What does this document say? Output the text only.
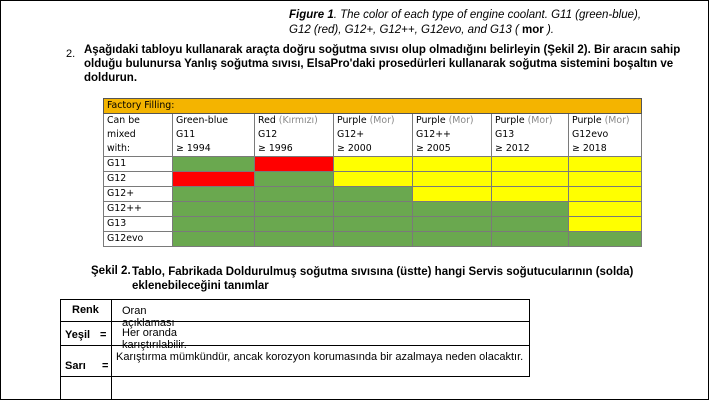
Figure 1. The color of each type of engine coolant. G11 (green-blue), G12 (red), G12+, G12++, G12evo, and G13 ( mor ).
2. Aşağıdaki tabloyu kullanarak araçta doğru soğutma sıvısı olup olmadığını belirleyin (Şekil 2). Bir aracın sahip olduğu bulunursa Yanlış soğutma sıvısı, ElsaPro'daki prosedürleri kullanarak soğutma sistemini boşaltın ve doldurun.
Factory Filling:						
Can be	Green-blue	Red (Kırmızı)	Purple (Mor)	Purple (Mor)	Purple (Mor)	Purple (Mor)
mixed	G11	G12	G12+	G12++	G13	G12evo
with:	≥ 1994	≥ 1996	≥ 2000	≥ 2005	≥ 2012	≥ 2018
G11						
G12						
G12+						
G12++						
G13						
G12evo						
Şekil 2. Tablo, Fabrikada Doldurulmuş soğutma sıvısına (üstte) hangi Servis soğutucularının (solda) eklenebileceğini tanımlar
Renk Oran açıklaması
Yeşil = Her oranda karıştırılabilir.
Sarı =
Karıştırma mümkündür, ancak korozyon korumasında bir azalmaya neden olacaktır.
